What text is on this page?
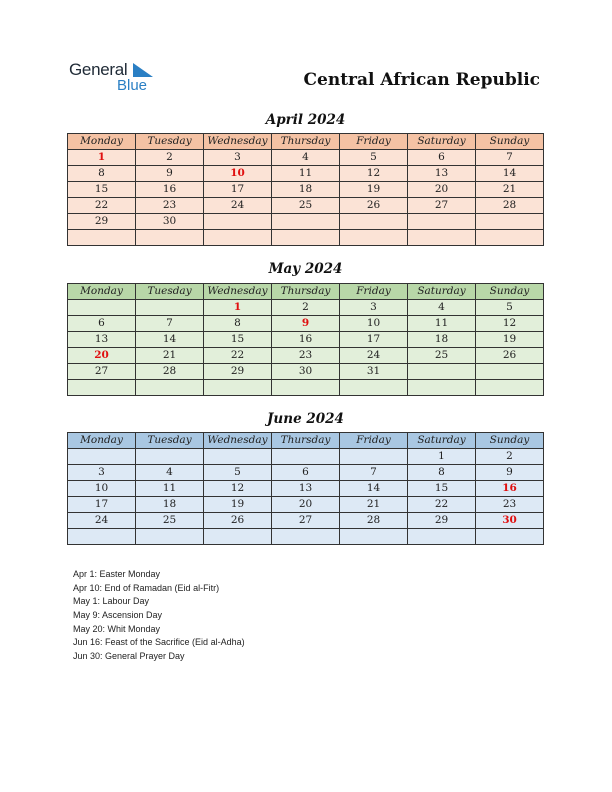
General
Blue	Central African Republic
April 2024
Monday	Tuesday	Wednesday	Thursday	Friday	Saturday	Sunday
1	2	3	4	5	6	7
8	9	10	11	12	13	14
15	16	17	18	19	20	21
22	23	24	25	26	27	28
29	30					

May 2024
Monday	Tuesday	Wednesday	Thursday	Friday	Saturday	Sunday
		1	2	3	4	5
6	7	8	9	10	11	12
13	14	15	16	17	18	19
20	21	22	23	24	25	26
27	28	29	30	31		

June 2024
Monday	Tuesday	Wednesday	Thursday	Friday	Saturday	Sunday
					1	2
3	4	5	6	7	8	9
10	11	12	13	14	15	16
17	18	19	20	21	22	23
24	25	26	27	28	29	30

Apr 1: Easter Monday
Apr 10: End of Ramadan (Eid al-Fitr)
May 1: Labour Day
May 9: Ascension Day
May 20: Whit Monday
Jun 16: Feast of the Sacrifice (Eid al-Adha)
Jun 30: General Prayer Day
